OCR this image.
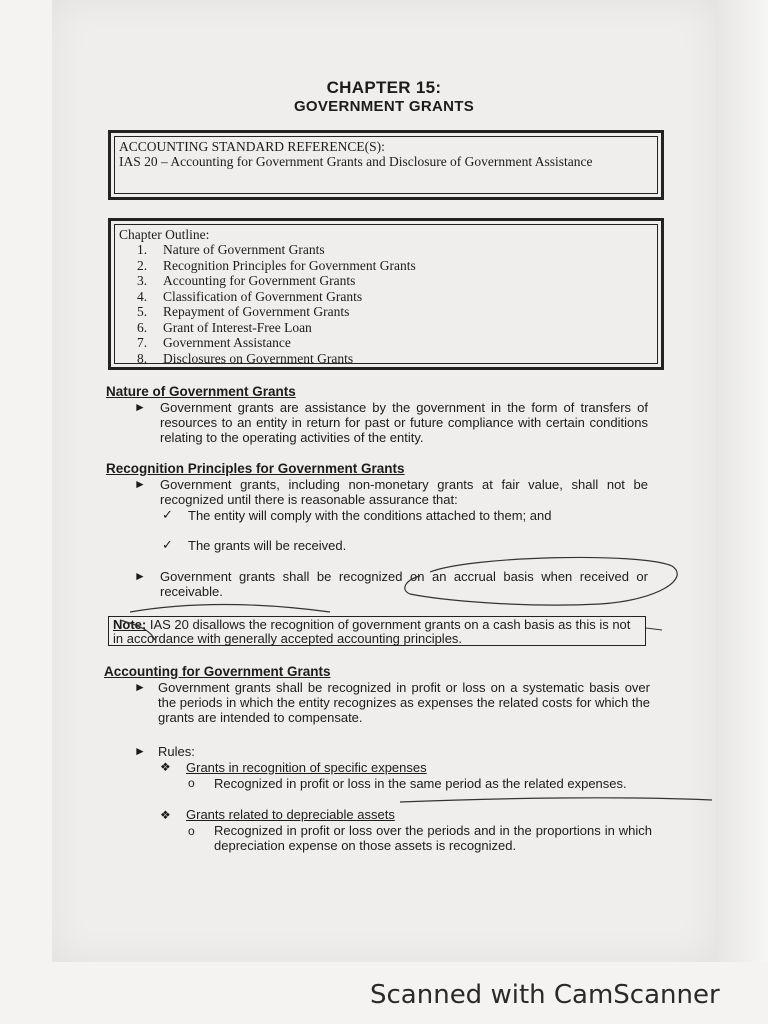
CHAPTER 15:
GOVERNMENT GRANTS
ACCOUNTING STANDARD REFERENCE(S):
IAS 20 – Accounting for Government Grants and Disclosure of Government Assistance
Chapter Outline:
1. Nature of Government Grants
2. Recognition Principles for Government Grants
3. Accounting for Government Grants
4. Classification of Government Grants
5. Repayment of Government Grants
6. Grant of Interest-Free Loan
7. Government Assistance
8. Disclosures on Government Grants
Nature of Government Grants
► Government grants are assistance by the government in the form of transfers of resources to an entity in return for past or future compliance with certain conditions relating to the operating activities of the entity.
Recognition Principles for Government Grants
► Government grants, including non-monetary grants at fair value, shall not be recognized until there is reasonable assurance that:
✓ The entity will comply with the conditions attached to them; and
✓ The grants will be received.
► Government grants shall be recognized on an accrual basis when received or receivable.
Note: IAS 20 disallows the recognition of government grants on a cash basis as this is not in accordance with generally accepted accounting principles.
Accounting for Government Grants
► Government grants shall be recognized in profit or loss on a systematic basis over the periods in which the entity recognizes as expenses the related costs for which the grants are intended to compensate.
► Rules:
❖ Grants in recognition of specific expenses
o Recognized in profit or loss in the same period as the related expenses.
❖ Grants related to depreciable assets
o Recognized in profit or loss over the periods and in the proportions in which depreciation expense on those assets is recognized.
Scanned with CamScanner
